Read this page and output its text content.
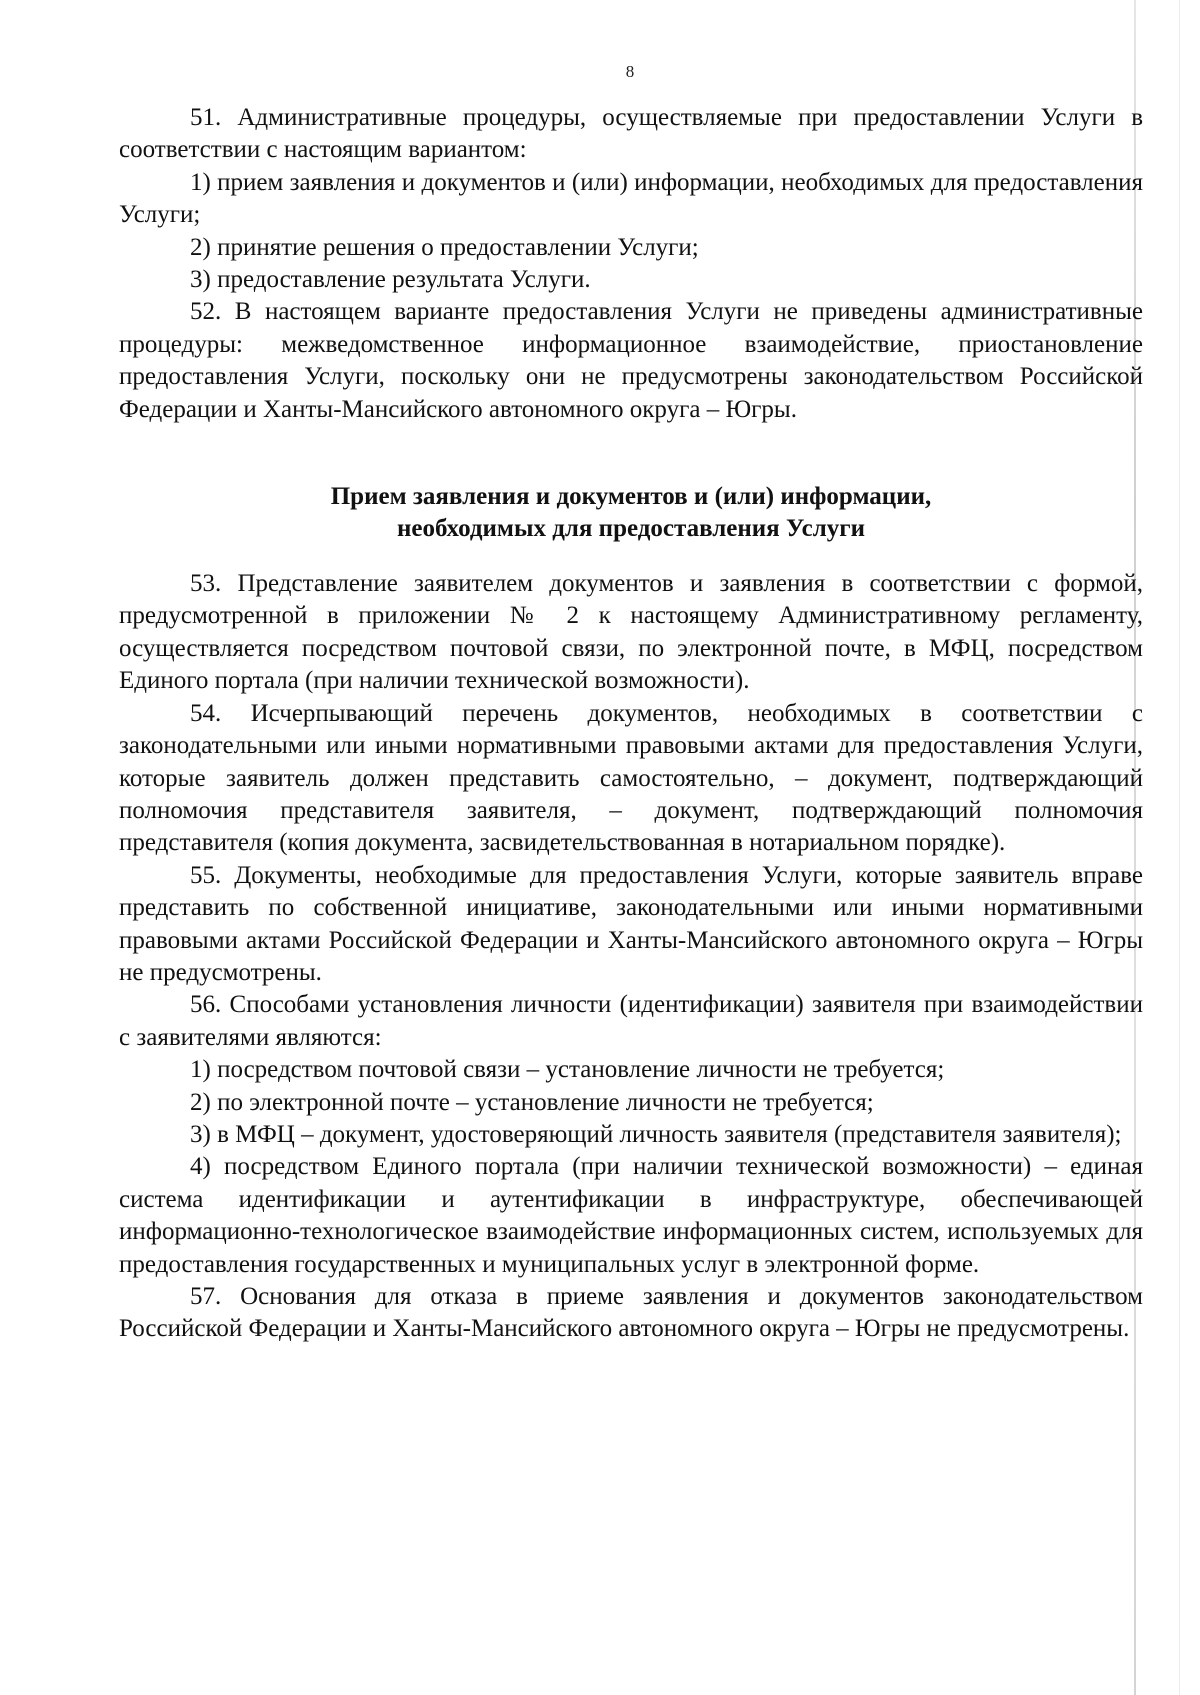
8

51. Административные процедуры, осуществляемые при предоставлении Услуги в соответствии с настоящим вариантом:

1) прием заявления и документов и (или) информации, необходимых для предоставления Услуги;

2) принятие решения о предоставлении Услуги;

3) предоставление результата Услуги.

52. В настоящем варианте предоставления Услуги не приведены административные процедуры: межведомственное информационное взаимодействие, приостановление предоставления Услуги, поскольку они не предусмотрены законодательством Российской Федерации и Ханты-Мансийского автономного округа – Югры.

Прием заявления и документов и (или) информации,
необходимых для предоставления Услуги

53. Представление заявителем документов и заявления в соответствии с формой, предусмотренной в приложении № 2 к настоящему Административному регламенту, осуществляется посредством почтовой связи, по электронной почте, в МФЦ, посредством Единого портала (при наличии технической возможности).

54. Исчерпывающий перечень документов, необходимых в соответствии с законодательными или иными нормативными правовыми актами для предоставления Услуги, которые заявитель должен представить самостоятельно, – документ, подтверждающий полномочия представителя заявителя, – документ, подтверждающий полномочия представителя (копия документа, засвидетельствованная в нотариальном порядке).

55. Документы, необходимые для предоставления Услуги, которые заявитель вправе представить по собственной инициативе, законодательными или иными нормативными правовыми актами Российской Федерации и Ханты-Мансийского автономного округа – Югры не предусмотрены.

56. Способами установления личности (идентификации) заявителя при взаимодействии с заявителями являются:

1) посредством почтовой связи – установление личности не требуется;

2) по электронной почте – установление личности не требуется;

3) в МФЦ – документ, удостоверяющий личность заявителя (представителя заявителя);

4) посредством Единого портала (при наличии технической возможности) – единая система идентификации и аутентификации в инфраструктуре, обеспечивающей информационно-технологическое взаимодействие информационных систем, используемых для предоставления государственных и муниципальных услуг в электронной форме.

57. Основания для отказа в приеме заявления и документов законодательством Российской Федерации и Ханты-Мансийского автономного округа – Югры не предусмотрены.
